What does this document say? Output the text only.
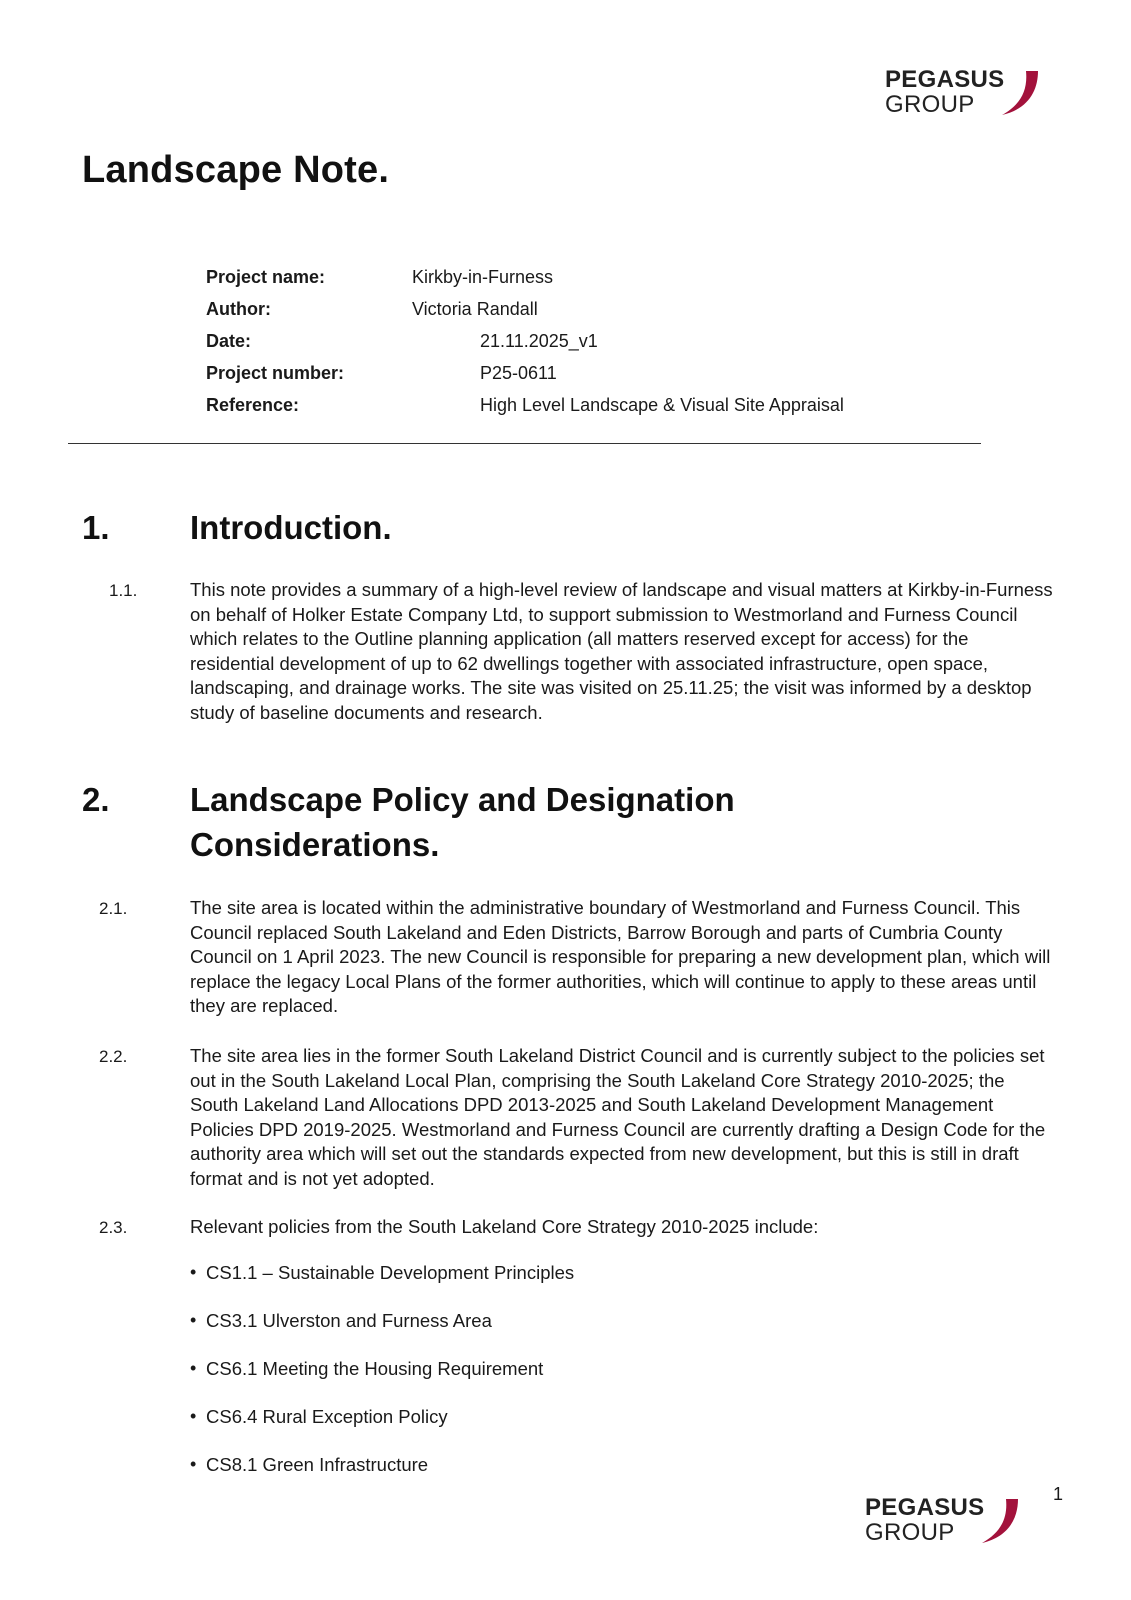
PEGASUS
GROUP
Landscape Note.
Project name:	Kirkby-in-Furness
Author:	Victoria Randall
Date:	21.11.2025_v1
Project number:	P25-0611
Reference:	High Level Landscape & Visual Site Appraisal
1. Introduction.
1.1.	This note provides a summary of a high-level review of landscape and visual matters at Kirkby-in-Furness on behalf of Holker Estate Company Ltd, to support submission to Westmorland and Furness Council which relates to the Outline planning application (all matters reserved except for access) for the residential development of up to 62 dwellings together with associated infrastructure, open space, landscaping, and drainage works. The site was visited on 25.11.25; the visit was informed by a desktop study of baseline documents and research.

2. Landscape Policy and Designation
Considerations.
2.1.	The site area is located within the administrative boundary of Westmorland and Furness Council. This Council replaced South Lakeland and Eden Districts, Barrow Borough and parts of Cumbria County Council on 1 April 2023. The new Council is responsible for preparing a new development plan, which will replace the legacy Local Plans of the former authorities, which will continue to apply to these areas until they are replaced.

2.2.	The site area lies in the former South Lakeland District Council and is currently subject to the policies set out in the South Lakeland Local Plan, comprising the South Lakeland Core Strategy 2010-2025; the South Lakeland Land Allocations DPD 2013-2025 and South Lakeland Development Management Policies DPD 2019-2025. Westmorland and Furness Council are currently drafting a Design Code for the authority area which will set out the standards expected from new development, but this is still in draft format and is not yet adopted.

2.3.	Relevant policies from the South Lakeland Core Strategy 2010-2025 include:

• CS1.1 – Sustainable Development Principles
• CS3.1 Ulverston and Furness Area
• CS6.1 Meeting the Housing Requirement
• CS6.4 Rural Exception Policy
• CS8.1 Green Infrastructure
PEGASUS
GROUP
1
